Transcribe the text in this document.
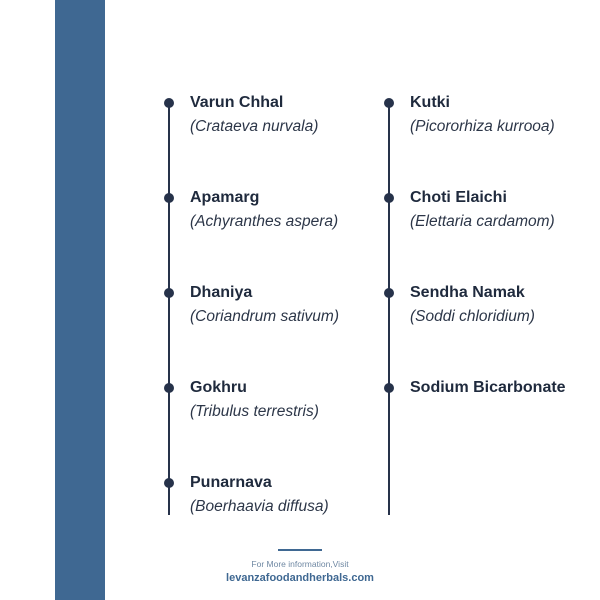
PATH-HAR
Varun Chhal
(Crataeva nurvala)
Apamarg
(Achyranthes aspera)
Dhaniya
(Coriandrum sativum)
Gokhru
(Tribulus terrestris)
Punarnava
(Boerhaavia diffusa)
Kutki
(Picororhiza kurrooa)
Choti Elaichi
(Elettaria cardamom)
Sendha Namak
(Soddi chloridium)
Sodium Bicarbonate
For More information,Visit
levanzafoodandherbals.com
